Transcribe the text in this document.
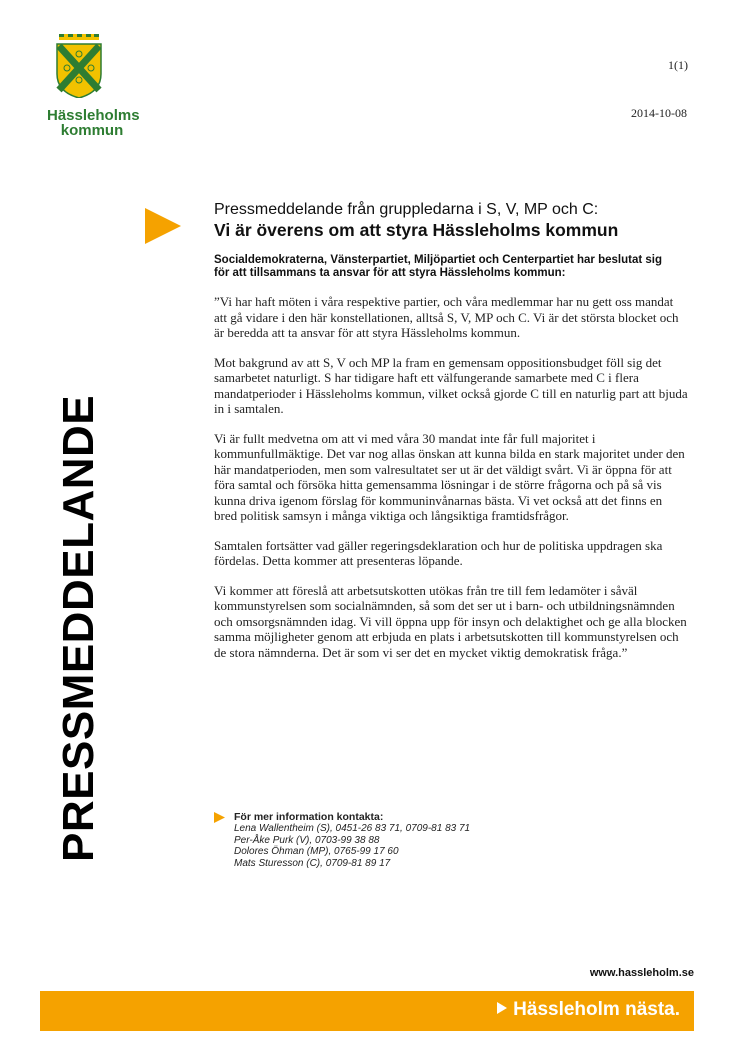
Hässleholms
kommun
1(1)
2014-10-08
PRESSMEDDELANDE
Pressmeddelande från gruppledarna i S, V, MP och C:
Vi är överens om att styra Hässleholms kommun
Socialdemokraterna, Vänsterpartiet, Miljöpartiet och Centerpartiet har beslutat sig för att tillsammans ta ansvar för att styra Hässleholms kommun:
”Vi har haft möten i våra respektive partier, och våra medlemmar har nu gett oss mandat att gå vidare i den här konstellationen, alltså S, V, MP och C. Vi är det största blocket och är beredda att ta ansvar för att styra Hässleholms kommun.
Mot bakgrund av att S, V och MP la fram en gemensam oppositionsbudget föll sig det samarbetet naturligt. S har tidigare haft ett välfungerande samarbete med C i flera mandatperioder i Hässleholms kommun, vilket också gjorde C till en naturlig part att bjuda in i samtalen.
Vi är fullt medvetna om att vi med våra 30 mandat inte får full majoritet i kommunfullmäktige. Det var nog allas önskan att kunna bilda en stark majoritet under den här mandatperioden, men som valresultatet ser ut är det väldigt svårt. Vi är öppna för att föra samtal och försöka hitta gemensamma lösningar i de större frågorna och på så vis kunna driva igenom förslag för kommuninvånarnas bästa. Vi vet också att det finns en bred politisk samsyn i många viktiga och långsiktiga framtidsfrågor.
Samtalen fortsätter vad gäller regeringsdeklaration och hur de politiska uppdragen ska fördelas. Detta kommer att presenteras löpande.
Vi kommer att föreslå att arbetsutskotten utökas från tre till fem ledamöter i såväl kommunstyrelsen som socialnämnden, så som det ser ut i barn- och utbildningsnämnden och omsorgsnämnden idag. Vi vill öppna upp för insyn och delaktighet och ge alla blocken samma möjligheter genom att erbjuda en plats i arbetsutskotten till kommunstyrelsen och de stora nämnderna. Det är som vi ser det en mycket viktig demokratisk fråga.”
För mer information kontakta:
Lena Wallentheim (S), 0451-26 83 71, 0709-81 83 71
Per-Åke Purk (V), 0703-99 38 88
Dolores Öhman (MP), 0765-99 17 60
Mats Sturesson (C), 0709-81 89 17
www.hassleholm.se
Hässleholm nästa.
